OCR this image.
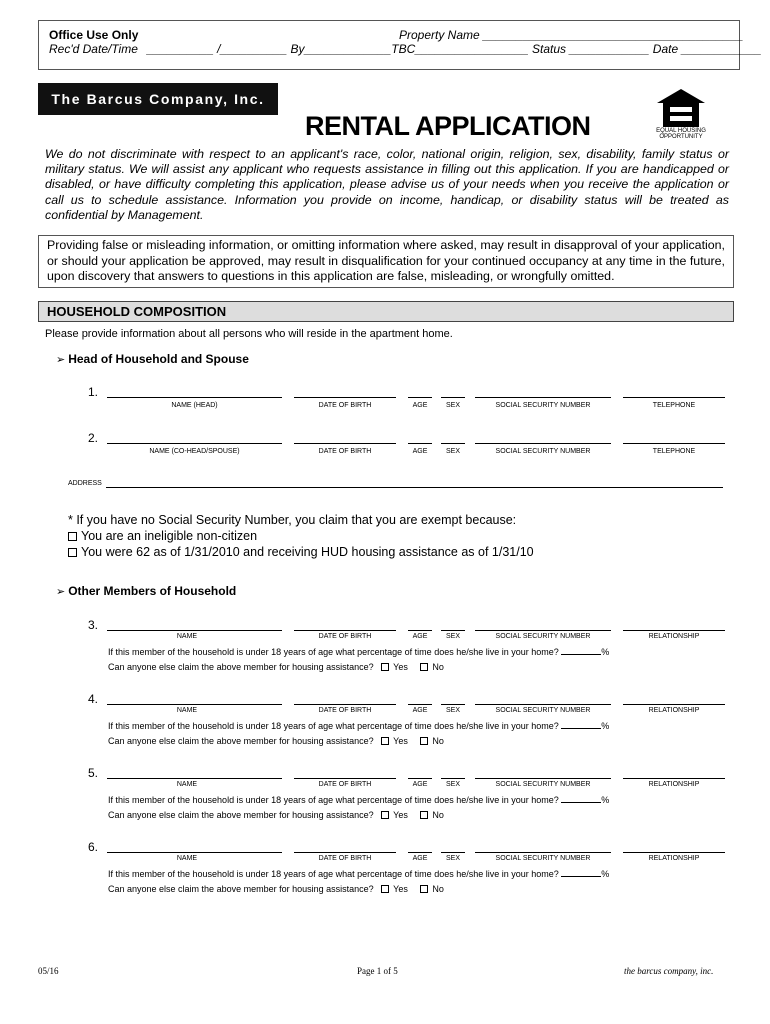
Office Use Only
Rec'd Date/Time
Property Name _______________________________________
__________ /__________ By_____________TBC_________________ Status ____________ Date ____________
The Barcus Company, Inc.
RENTAL APPLICATION	EQUAL HOUSING OPPORTUNITY
We do not discriminate with respect to an applicant's race, color, national origin, religion, sex, disability, family status or military status. We will assist any applicant who requests assistance in filling out this application. If you are handicapped or disabled, or have difficulty completing this application, please advise us of your needs when you receive the application or call us to schedule assistance. Information you provide on income, handicap, or disability status will be treated as confidential by Management.
Providing false or misleading information, or omitting information where asked, may result in disapproval of your application, or should your application be approved, may result in disqualification for your continued occupancy at any time in the future, upon discovery that answers to questions in this application are false, misleading, or wrongfully omitted.
HOUSEHOLD COMPOSITION
Please provide information about all persons who will reside in the apartment home.
➢ Head of Household and Spouse
1.
NAME (HEAD)	DATE OF BIRTH	AGE	SEX	SOCIAL SECURITY NUMBER	TELEPHONE
2.
NAME (CO-HEAD/SPOUSE)	DATE OF BIRTH	AGE	SEX	SOCIAL SECURITY NUMBER	TELEPHONE
ADDRESS
* If you have no Social Security Number, you claim that you are exempt because:
You are an ineligible non-citizen
You were 62 as of 1/31/2010 and receiving HUD housing assistance as of 1/31/10
➢ Other Members of Household
3.
NAME	DATE OF BIRTH	AGE	SEX	SOCIAL SECURITY NUMBER	RELATIONSHIP
If this member of the household is under 18 years of age what percentage of time does he/she live in your home?	%
Can anyone else claim the above member for housing assistance? Yes	No
4.
NAME	DATE OF BIRTH	AGE	SEX	SOCIAL SECURITY NUMBER	RELATIONSHIP
If this member of the household is under 18 years of age what percentage of time does he/she live in your home?	%
Can anyone else claim the above member for housing assistance? Yes	No
5.
NAME	DATE OF BIRTH	AGE	SEX	SOCIAL SECURITY NUMBER	RELATIONSHIP
If this member of the household is under 18 years of age what percentage of time does he/she live in your home?	%
Can anyone else claim the above member for housing assistance? Yes	No
6.
NAME	DATE OF BIRTH	AGE	SEX	SOCIAL SECURITY NUMBER	RELATIONSHIP
If this member of the household is under 18 years of age what percentage of time does he/she live in your home?	%
Can anyone else claim the above member for housing assistance? Yes	No
05/16	Page 1 of 5	the barcus company, inc.
